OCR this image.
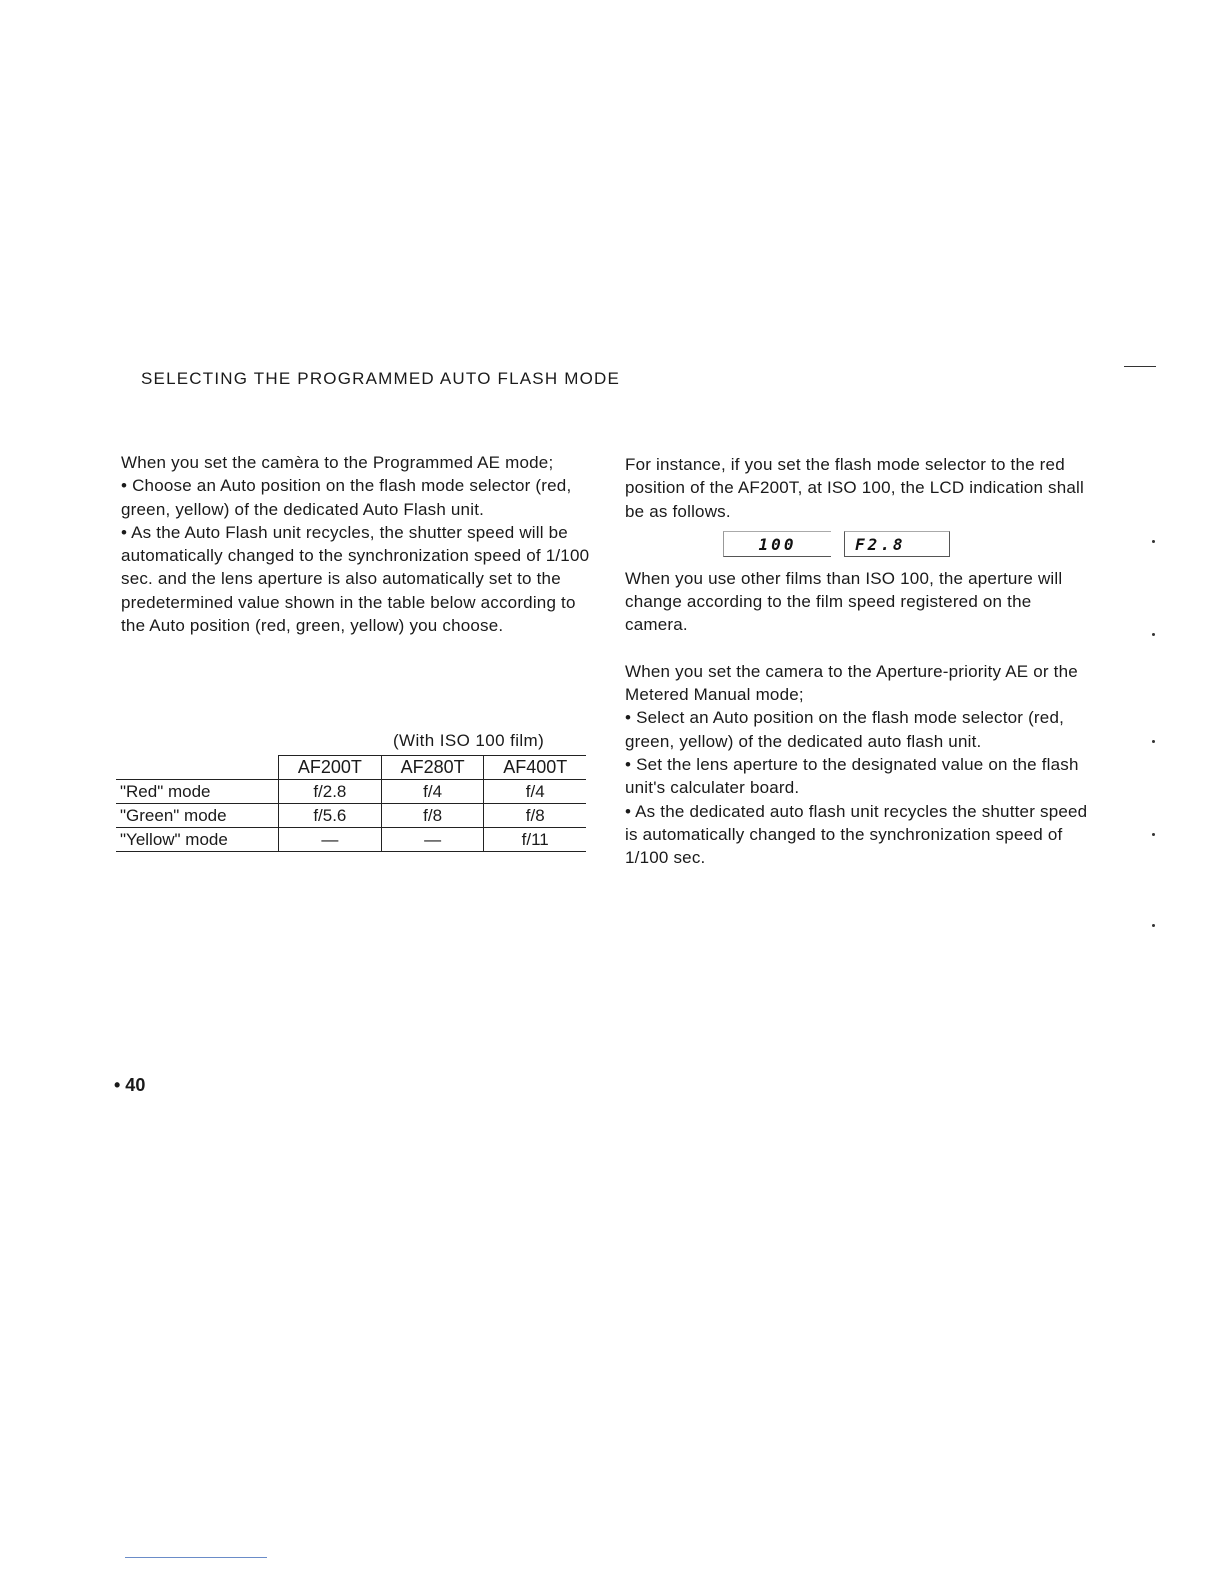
SELECTING THE PROGRAMMED AUTO FLASH MODE

When you set the camèra to the Programmed AE mode;

• Choose an Auto position on the flash mode selector (red, green, yellow) of the dedicated Auto Flash unit.

• As the Auto Flash unit recycles, the shutter speed will be automatically changed to the synchronization speed of 1/100 sec. and the lens aperture is also automatically set to the predetermined value shown in the table below according to the Auto position (red, green, yellow) you choose.

(With ISO 100 film)
	AF200T	AF280T	AF400T
"Red" mode	f/2.8	f/4	f/4
"Green" mode	f/5.6	f/8	f/8
"Yellow" mode	—	—	f/11

For instance, if you set the flash mode selector to the red position of the AF200T, at ISO 100, the LCD indication shall be as follows.

When you use other films than ISO 100, the aperture will change according to the film speed registered on the camera.

When you set the camera to the Aperture-priority AE or the Metered Manual mode;

• Select an Auto position on the flash mode selector (red, green, yellow) of the dedicated auto flash unit.

• Set the lens aperture to the designated value on the flash unit's calculater board.

• As the dedicated auto flash unit recycles the shutter speed is automatically changed to the synchronization speed of 1/100 sec.

100	F2.8
• 40
